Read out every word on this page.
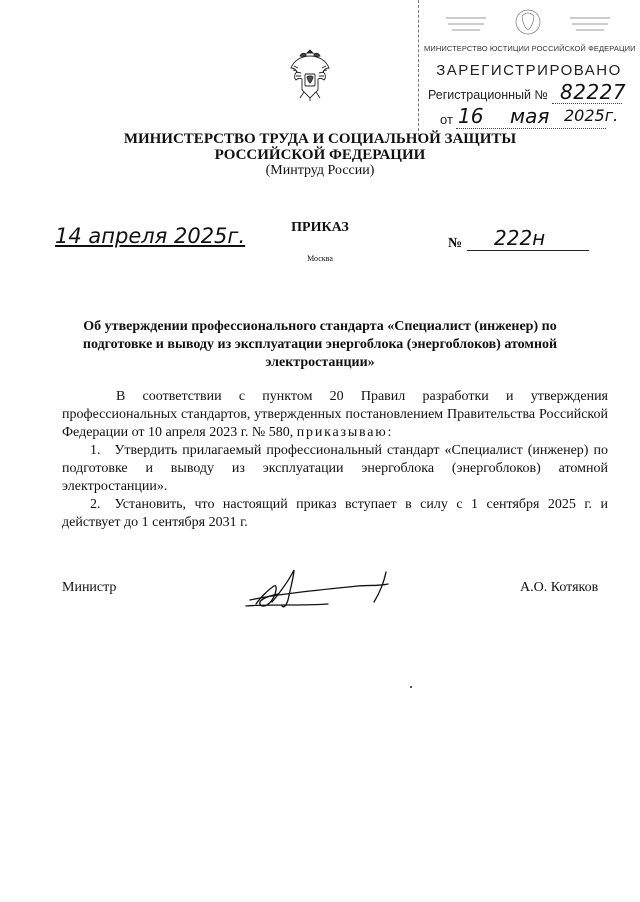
МИНИСТЕРСТВО ЮСТИЦИИ РОССИЙСКОЙ ФЕДЕРАЦИИ
ЗАРЕГИСТРИРОВАНО
Регистрационный № 82227
от 16 мая 2025г.
МИНИСТЕРСТВО ТРУДА И СОЦИАЛЬНОЙ ЗАЩИТЫ РОССИЙСКОЙ ФЕДЕРАЦИИ
(Минтруд России)
14 апреля 2025г.	ПРИКАЗ
Москва
№ 222н
Об утверждении профессионального стандарта «Специалист (инженер) по подготовке и выводу из эксплуатации энергоблока (энергоблоков) атомной электростанции»
В соответствии с пунктом 20 Правил разработки и утверждения профессиональных стандартов, утвержденных постановлением Правительства Российской Федерации от 10 апреля 2023 г. № 580, приказываю:
1. Утвердить прилагаемый профессиональный стандарт «Специалист (инженер) по подготовке и выводу из эксплуатации энергоблока (энергоблоков) атомной электростанции».
2. Установить, что настоящий приказ вступает в силу с 1 сентября 2025 г. и действует до 1 сентября 2031 г.
Министр	А.О. Котяков
